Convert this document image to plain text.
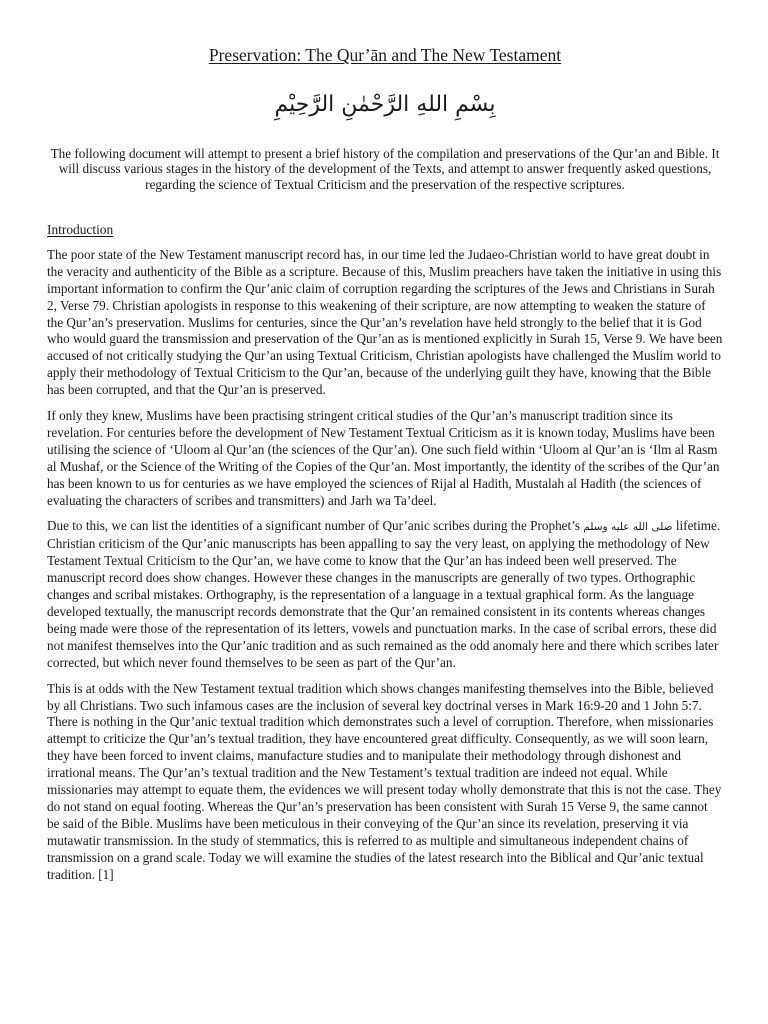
Preservation: The Qur’ān and The New Testament
بِسْمِ اللهِ الرَّحْمٰنِ الرَّحِيْمِ

The following document will attempt to present a brief history of the compilation and preservations of the Qur’an and Bible. It will discuss various stages in the history of the development of the Texts, and attempt to answer frequently asked questions, regarding the science of Textual Criticism and the preservation of the respective scriptures.

Introduction

The poor state of the New Testament manuscript record has, in our time led the Judaeo-Christian world to have great doubt in the veracity and authenticity of the Bible as a scripture. Because of this, Muslim preachers have taken the initiative in using this important information to confirm the Qur’anic claim of corruption regarding the scriptures of the Jews and Christians in Surah 2, Verse 79. Christian apologists in response to this weakening of their scripture, are now attempting to weaken the stature of the Qur’an’s preservation. Muslims for centuries, since the Qur’an’s revelation have held strongly to the belief that it is God who would guard the transmission and preservation of the Qur’an as is mentioned explicitly in Surah 15, Verse 9. We have been accused of not critically studying the Qur’an using Textual Criticism, Christian apologists have challenged the Muslim world to apply their methodology of Textual Criticism to the Qur’an, because of the underlying guilt they have, knowing that the Bible has been corrupted, and that the Qur’an is preserved.

If only they knew, Muslims have been practising stringent critical studies of the Qur’an’s manuscript tradition since its revelation. For centuries before the development of New Testament Textual Criticism as it is known today, Muslims have been utilising the science of ‘Uloom al Qur’an (the sciences of the Qur’an). One such field within ‘Uloom al Qur’an is ‘Ilm al Rasm al Mushaf, or the Science of the Writing of the Copies of the Qur’an. Most importantly, the identity of the scribes of the Qur’an has been known to us for centuries as we have employed the sciences of Rijal al Hadith, Mustalah al Hadith (the sciences of evaluating the characters of scribes and transmitters) and Jarh wa Ta’deel.

Due to this, we can list the identities of a significant number of Qur’anic scribes during the Prophet’s صلى الله عليه وسلم lifetime. Christian criticism of the Qur’anic manuscripts has been appalling to say the very least, on applying the methodology of New Testament Textual Criticism to the Qur’an, we have come to know that the Qur’an has indeed been well preserved. The manuscript record does show changes. However these changes in the manuscripts are generally of two types. Orthographic changes and scribal mistakes. Orthography, is the representation of a language in a textual graphical form. As the language developed textually, the manuscript records demonstrate that the Qur’an remained consistent in its contents whereas changes being made were those of the representation of its letters, vowels and punctuation marks. In the case of scribal errors, these did not manifest themselves into the Qur’anic tradition and as such remained as the odd anomaly here and there which scribes later corrected, but which never found themselves to be seen as part of the Qur’an.

This is at odds with the New Testament textual tradition which shows changes manifesting themselves into the Bible, believed by all Christians. Two such infamous cases are the inclusion of several key doctrinal verses in Mark 16:9-20 and 1 John 5:7. There is nothing in the Qur’anic textual tradition which demonstrates such a level of corruption. Therefore, when missionaries attempt to criticize the Qur’an’s textual tradition, they have encountered great difficulty. Consequently, as we will soon learn, they have been forced to invent claims, manufacture studies and to manipulate their methodology through dishonest and irrational means. The Qur’an’s textual tradition and the New Testament’s textual tradition are indeed not equal. While missionaries may attempt to equate them, the evidences we will present today wholly demonstrate that this is not the case. They do not stand on equal footing. Whereas the Qur’an’s preservation has been consistent with Surah 15 Verse 9, the same cannot be said of the Bible. Muslims have been meticulous in their conveying of the Qur’an since its revelation, preserving it via mutawatir transmission. In the study of stemmatics, this is referred to as multiple and simultaneous independent chains of transmission on a grand scale. Today we will examine the studies of the latest research into the Biblical and Qur’anic textual tradition. [1]
